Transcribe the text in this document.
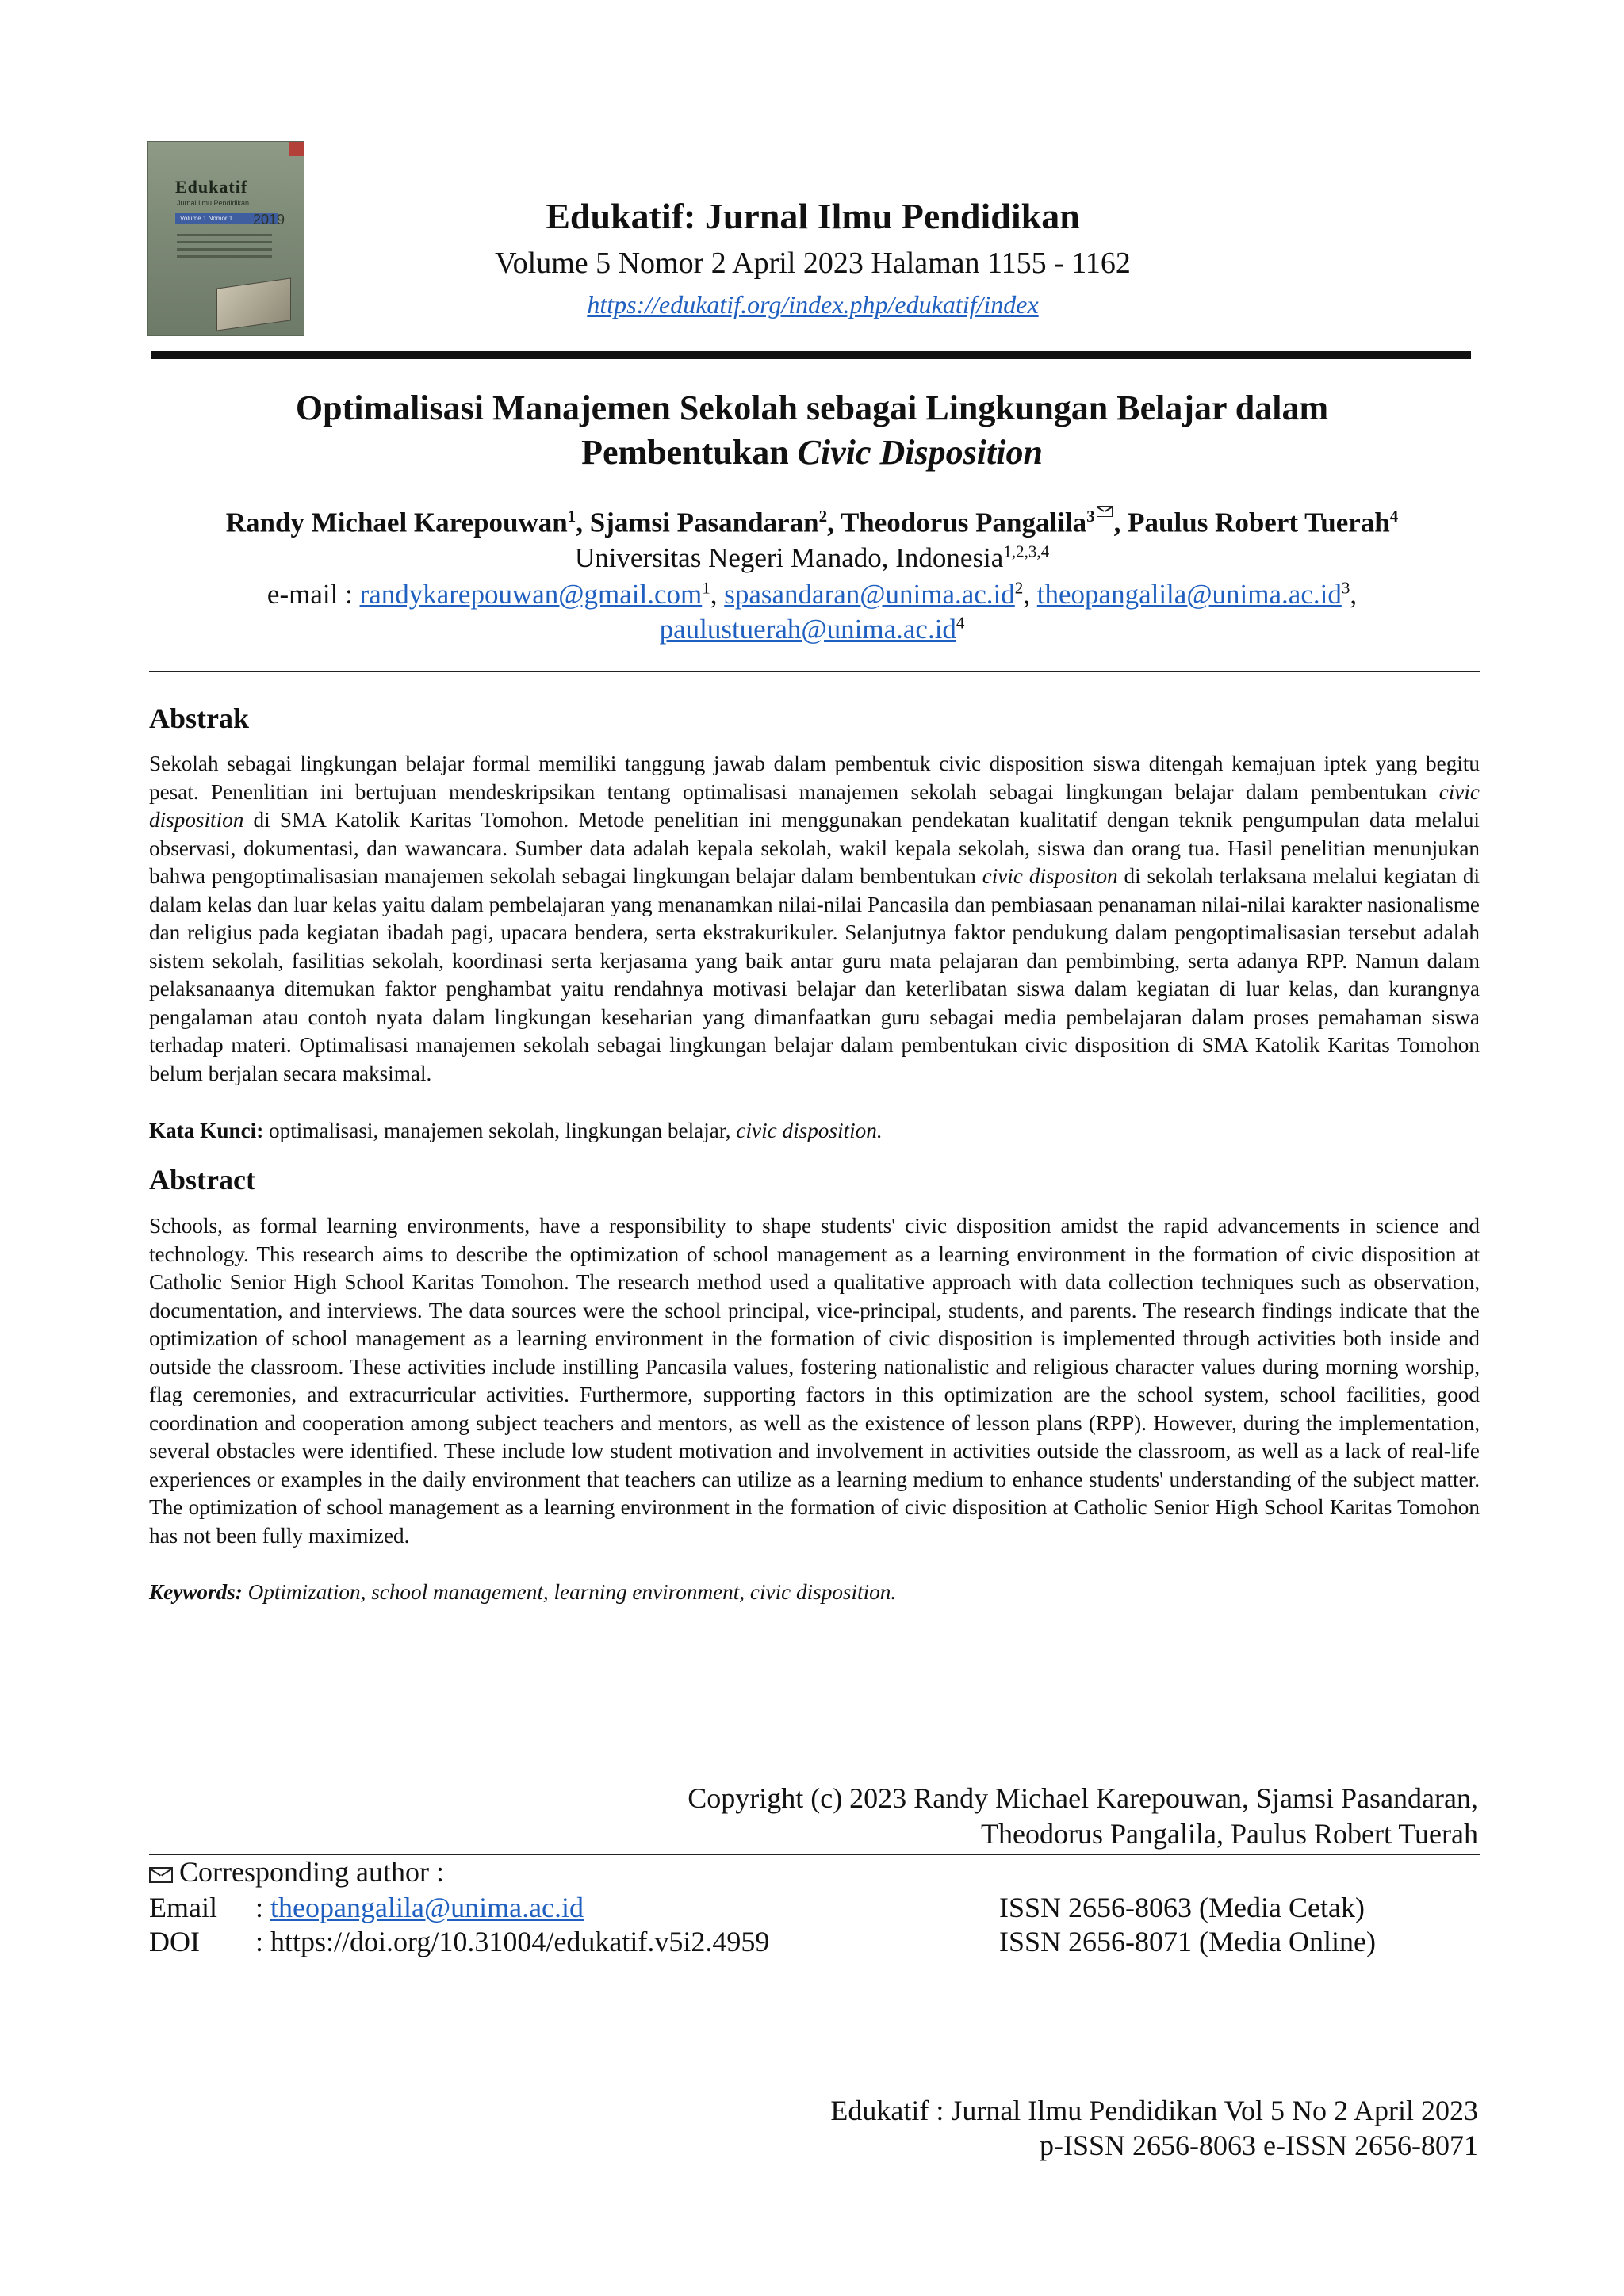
Edukatif
Jurnal Ilmu Pendidikan
Volume 1 Nomor 1 2019	Edukatif: Jurnal Ilmu Pendidikan
Volume 5 Nomor 2 April 2023 Halaman 1155 - 1162
https://edukatif.org/index.php/edukatif/index
Optimalisasi Manajemen Sekolah sebagai Lingkungan Belajar dalam
Pembentukan Civic Disposition
Randy Michael Karepouwan$^1$, Sjamsi Pasandaran$^2$, Theodorus Pangalila$^3$ , Paulus Robert Tuerah$^4$
Universitas Negeri Manado, Indonesia$^{1,2,3,4}$
e-mail : randykarepouwan@gmail.com$^1$, $spasandaran@unima.ac.id^2$, $theopangalila@unima.ac.id^3$,
$paulustuerah@unima.ac.id^4$
Abstrak
Sekolah sebagai lingkungan belajar formal memiliki tanggung jawab dalam pembentuk civic disposition siswa ditengah kemajuan iptek yang begitu pesat. Penenlitian ini bertujuan mendeskripsikan tentang optimalisasi manajemen sekolah sebagai lingkungan belajar dalam pembentukan civic disposition di SMA Katolik Karitas Tomohon. Metode penelitian ini menggunakan pendekatan kualitatif dengan teknik pengumpulan data melalui observasi, dokumentasi, dan wawancara. Sumber data adalah kepala sekolah, wakil kepala sekolah, siswa dan orang tua. Hasil penelitian menunjukan bahwa pengoptimalisasian manajemen sekolah sebagai lingkungan belajar dalam bembentukan civic dispositon di sekolah terlaksana melalui kegiatan di dalam kelas dan luar kelas yaitu dalam pembelajaran yang menanamkan nilai-nilai Pancasila dan pembiasaan penanaman nilai-nilai karakter nasionalisme dan religius pada kegiatan ibadah pagi, upacara bendera, serta ekstrakurikuler. Selanjutnya faktor pendukung dalam pengoptimalisasian tersebut adalah sistem sekolah, fasilitias sekolah, koordinasi serta kerjasama yang baik antar guru mata pelajaran dan pembimbing, serta adanya RPP. Namun dalam pelaksanaanya ditemukan faktor penghambat yaitu rendahnya motivasi belajar dan keterlibatan siswa dalam kegiatan di luar kelas, dan kurangnya pengalaman atau contoh nyata dalam lingkungan keseharian yang dimanfaatkan guru sebagai media pembelajaran dalam proses pemahaman siswa terhadap materi. Optimalisasi manajemen sekolah sebagai lingkungan belajar dalam pembentukan civic disposition di SMA Katolik Karitas Tomohon belum berjalan secara maksimal.
Kata Kunci: optimalisasi, manajemen sekolah, lingkungan belajar, civic disposition.
Abstract
Schools, as formal learning environments, have a responsibility to shape students' civic disposition amidst the rapid advancements in science and technology. This research aims to describe the optimization of school management as a learning environment in the formation of civic disposition at Catholic Senior High School Karitas Tomohon. The research method used a qualitative approach with data collection techniques such as observation, documentation, and interviews. The data sources were the school principal, vice-principal, students, and parents. The research findings indicate that the optimization of school management as a learning environment in the formation of civic disposition is implemented through activities both inside and outside the classroom. These activities include instilling Pancasila values, fostering nationalistic and religious character values during morning worship, flag ceremonies, and extracurricular activities. Furthermore, supporting factors in this optimization are the school system, school facilities, good coordination and cooperation among subject teachers and mentors, as well as the existence of lesson plans (RPP). However, during the implementation, several obstacles were identified. These include low student motivation and involvement in activities outside the classroom, as well as a lack of real-life experiences or examples in the daily environment that teachers can utilize as a learning medium to enhance students' understanding of the subject matter. The optimization of school management as a learning environment in the formation of civic disposition at Catholic Senior High School Karitas Tomohon has not been fully maximized.
Keywords: Optimization, school management, learning environment, civic disposition.
Copyright (c) 2023 Randy Michael Karepouwan, Sjamsi Pasandaran,
Theodorus Pangalila, Paulus Robert Tuerah
Corresponding author :
Email : theopangalila@unima.ac.id
DOI : https://doi.org/10.31004/edukatif.v5i2.4959
ISSN 2656-8063 (Media Cetak)
ISSN 2656-8071 (Media Online)
Edukatif : Jurnal Ilmu Pendidikan Vol 5 No 2 April 2023
p-ISSN 2656-8063 e-ISSN 2656-8071
